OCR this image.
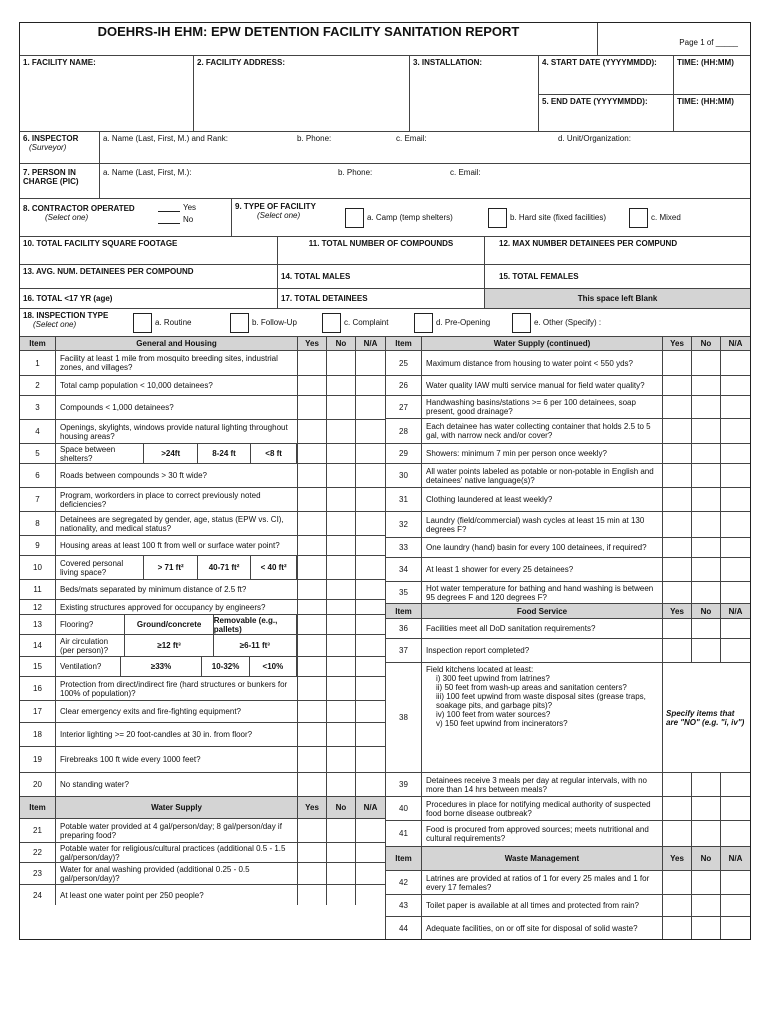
DOEHRS-IH EHM: EPW DETENTION FACILITY SANITATION REPORT
Page 1 of _____
1. FACILITY NAME:	2. FACILITY ADDRESS:	3. INSTALLATION:	4. START DATE (YYYYMMDD):	TIME: (HH:MM)
5. END DATE (YYYYMMDD):	TIME: (HH:MM)
6. INSPECTOR
(Surveyor)
a. Name (Last, First, M.) and Rank:	b. Phone:	c. Email:	d. Unit/Organization:
7. PERSON IN CHARGE (PIC)
a. Name (Last, First, M.):	b. Phone:	c. Email:
8. CONTRACTOR OPERATED
(Select one)
Yes
No
9. TYPE OF FACILITY
(Select one)	a. Camp (temp shelters)	b. Hard site (fixed facilities)	c. Mixed
10. TOTAL FACILITY SQUARE FOOTAGE	11. TOTAL NUMBER OF COMPOUNDS	12. MAX NUMBER DETAINEES PER COMPUND
13. AVG. NUM. DETAINEES PER COMPOUND
14. TOTAL MALES	15. TOTAL FEMALES
16. TOTAL <17 YR (age)	17. TOTAL DETAINEES	This space left Blank
18. INSPECTION TYPE
(Select one)	a. Routine	b. Follow-Up	c. Complaint	d. Pre-Opening	e. Other (Specify) :
Item	General and Housing	Yes	No	N/A
1	Facility at least 1 mile from mosquito breeding sites, industrial zones, and villages?
2	Total camp population < 10,000 detainees?
3	Compounds < 1,000 detainees?
4	Openings, skylights, windows provide natural lighting throughout housing areas?
5	Space between shelters?	>24ft	8-24 ft	<8 ft
6	Roads between compounds > 30 ft wide?
7	Program, workorders in place to correct previously noted deficiencies?
8	Detainees are segregated by gender, age, status (EPW vs. CI), nationality, and medical status?
9	Housing areas at least 100 ft from well or surface water point?
10	Covered personal living space?	> 71 ft²	40-71 ft²	< 40 ft²
11	Beds/mats separated by minimum distance of 2.5 ft?
12	Existing structures approved for occupancy by engineers?
13	Flooring?	Ground/concrete	Removable (e.g., pallets)
14	Air circulation (per person)?	≥12 ft³	≥6-11 ft³
15	Ventilation?	≥33%	10-32%	<10%
16	Protection from direct/indirect fire (hard structures or bunkers for 100% of population)?
17	Clear emergency exits and fire-fighting equipment?
18	Interior lighting >= 20 foot-candles at 30 in. from floor?
19	Firebreaks 100 ft wide every 1000 feet?
20	No standing water?
Item	Water Supply	Yes	No	N/A
21	Potable water provided at 4 gal/person/day; 8 gal/person/day if preparing food?
22	Potable water for religious/cultural practices (additional 0.5 - 1.5 gal/person/day)?
23	Water for anal washing provided (additional 0.25 - 0.5 gal/person/day)?
24	At least one water point per 250 people?
Item	Water Supply (continued)	Yes	No	N/A
25	Maximum distance from housing to water point < 550 yds?
26	Water quality IAW multi service manual for field water quality?
27	Handwashing basins/stations >= 6 per 100 detainees, soap present, good drainage?
28	Each detainee has water collecting container that holds 2.5 to 5 gal, with narrow neck and/or cover?
29	Showers: minimum 7 min per person once weekly?
30	All water points labeled as potable or non-potable in English and detainees' native language(s)?
31	Clothing laundered at least weekly?
32	Laundry (field/commercial) wash cycles at least 15 min at 130 degrees F?
33	One laundry (hand) basin for every 100 detainees, if required?
34	At least 1 shower for every 25 detainees?
35	Hot water temperature for bathing and hand washing is between 95 degrees F and 120 degrees F?
Item	Food Service	Yes	No	N/A
36	Facilities meet all DoD sanitation requirements?
37	Inspection report completed?
38
Field kitchens located at least:
i) 300 feet upwind from latrines?
ii) 50 feet from wash-up areas and sanitation centers?
iii) 100 feet upwind from waste disposal sites (grease traps, soakage pits, and garbage pits)?
iv) 100 feet from water sources?
v) 150 feet upwind from incinerators?
Specify items that are "NO" (e.g. "i, iv")
39	Detainees receive 3 meals per day at regular intervals, with no more than 14 hrs between meals?
40	Procedures in place for notifying medical authority of suspected food borne disease outbreak?
41	Food is procured from approved sources; meets nutritional and cultural requirements?
Item	Waste Management	Yes	No	N/A
42	Latrines are provided at ratios of 1 for every 25 males and 1 for every 17 females?
43	Toilet paper is available at all times and protected from rain?
44	Adequate facilities, on or off site for disposal of solid waste?
